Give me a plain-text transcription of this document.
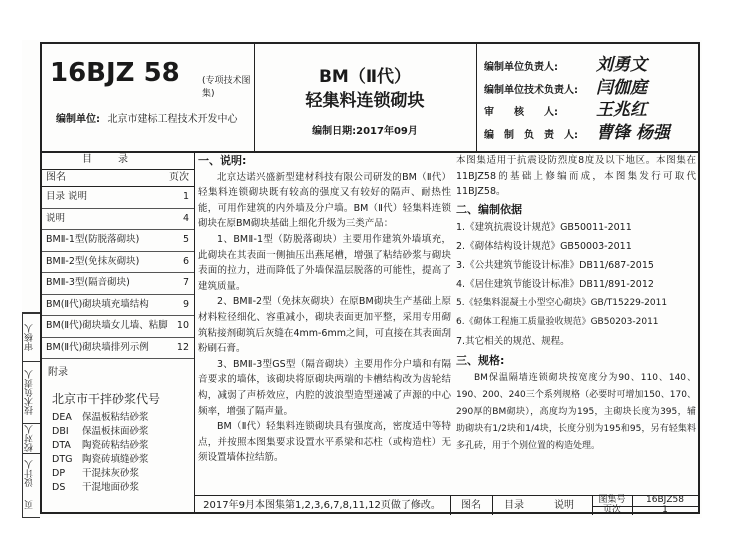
审核人
技术负责人
校对人
设计人
页
16BJZ 58 (专项技术图集)
编制单位: 北京市建标工程技术开发中心
BM（Ⅱ代）
轻集料连锁砌块
编制日期:2017年09月
编制单位负责人: 刘勇文
编制单位技术负责人: 闫伽庭
审　　核　　人: 王兆红
编　制　负　责　人: 曹锋 杨强
目录
图名	页次
目录 说明	1
说明	4
BMⅡ-1型(防脱落砌块)	5
BMⅡ-2型(免抹灰砌块)	6
BMⅡ-3型(隔音砌块)	7
BM(Ⅱ代)砌块填充墙结构	9
BM(Ⅱ代)砌块墙女儿墙、粘脚 10
BM(Ⅱ代)砌块墙排列示例	12
附录
北京市干拌砂浆代号
DEA 保温板粘结砂浆
DBI 保温板抹面砂浆
DTA 陶瓷砖粘结砂浆
DTG 陶瓷砖填缝砂浆
DP 干混抹灰砂浆
DS 干混地面砂浆
一、说明:

北京达诺兴盛新型建材科技有限公司研发的BM（Ⅱ代）轻集料连锁砌块既有较高的强度又有较好的隔声、耐热性能，可用作建筑的内外墙及分户墙。BM（Ⅱ代）轻集料连锁砌块在原BM砌块基础上细化升级为三类产品：

1、BMⅡ-1型（防脱落砌块）主要用作建筑外墙填充，此砌块在其表面一侧抽压出燕尾槽，增强了粘结砂浆与砌块表面的拉力，进而降低了外墙保温层脱落的可能性，提高了建筑质量。

2、BMⅡ-2型（免抹灰砌块）在原BM砌块生产基础上原材料粒径细化、容重减小，砌块表面更加平整，采用专用砌筑粘接剂砌筑后灰缝在4mm-6mm之间，可直接在其表面刮粉刷石膏。

3、BMⅡ-3型GS型（隔音砌块）主要用作分户墙和有隔音要求的墙体，该砌块将原砌块两端的卡槽结构改为齿轮结构，减弱了声桥效应，内腔的波浪型造型递减了声源的中心频率，增强了隔声量。

BM（Ⅱ代）轻集料连锁砌块具有强度高，密度适中等特点，并按照本图集要求设置水平系梁和芯柱（或构造柱）无须设置墙体拉结筋。

本图集适用于抗震设防烈度8度及以下地区。本图集在11BJZ58的基础上修编而成，本图集发行可取代11BJZ58。

二、编制依据

1.《建筑抗震设计规范》GB50011-2011

2.《砌体结构设计规范》GB50003-2011

3.《公共建筑节能设计标准》DB11/687-2015

4.《居住建筑节能设计标准》DB11/891-2012

5.《轻集料混凝土小型空心砌块》GB/T15229-2011

6.《砌体工程施工质量验收规范》GB50203-2011

7.其它相关的规范、规程。

三、规格:

BM保温隔墙连锁砌块按宽度分为90、110、140、190、200、240三个系列规格（必要时可增加150、170、290厚的BM砌块），高度均为195，主砌块长度为395，辅助砌块有1/2块和1/4块，长度分别为195和95，另有轻集料多孔砖，用于个别位置的构造处理。

2017年9月本图集第1,2,3,6,7,8,11,12页做了修改。	图名	目录	说明	图集号	16BJZ58
页次	1
